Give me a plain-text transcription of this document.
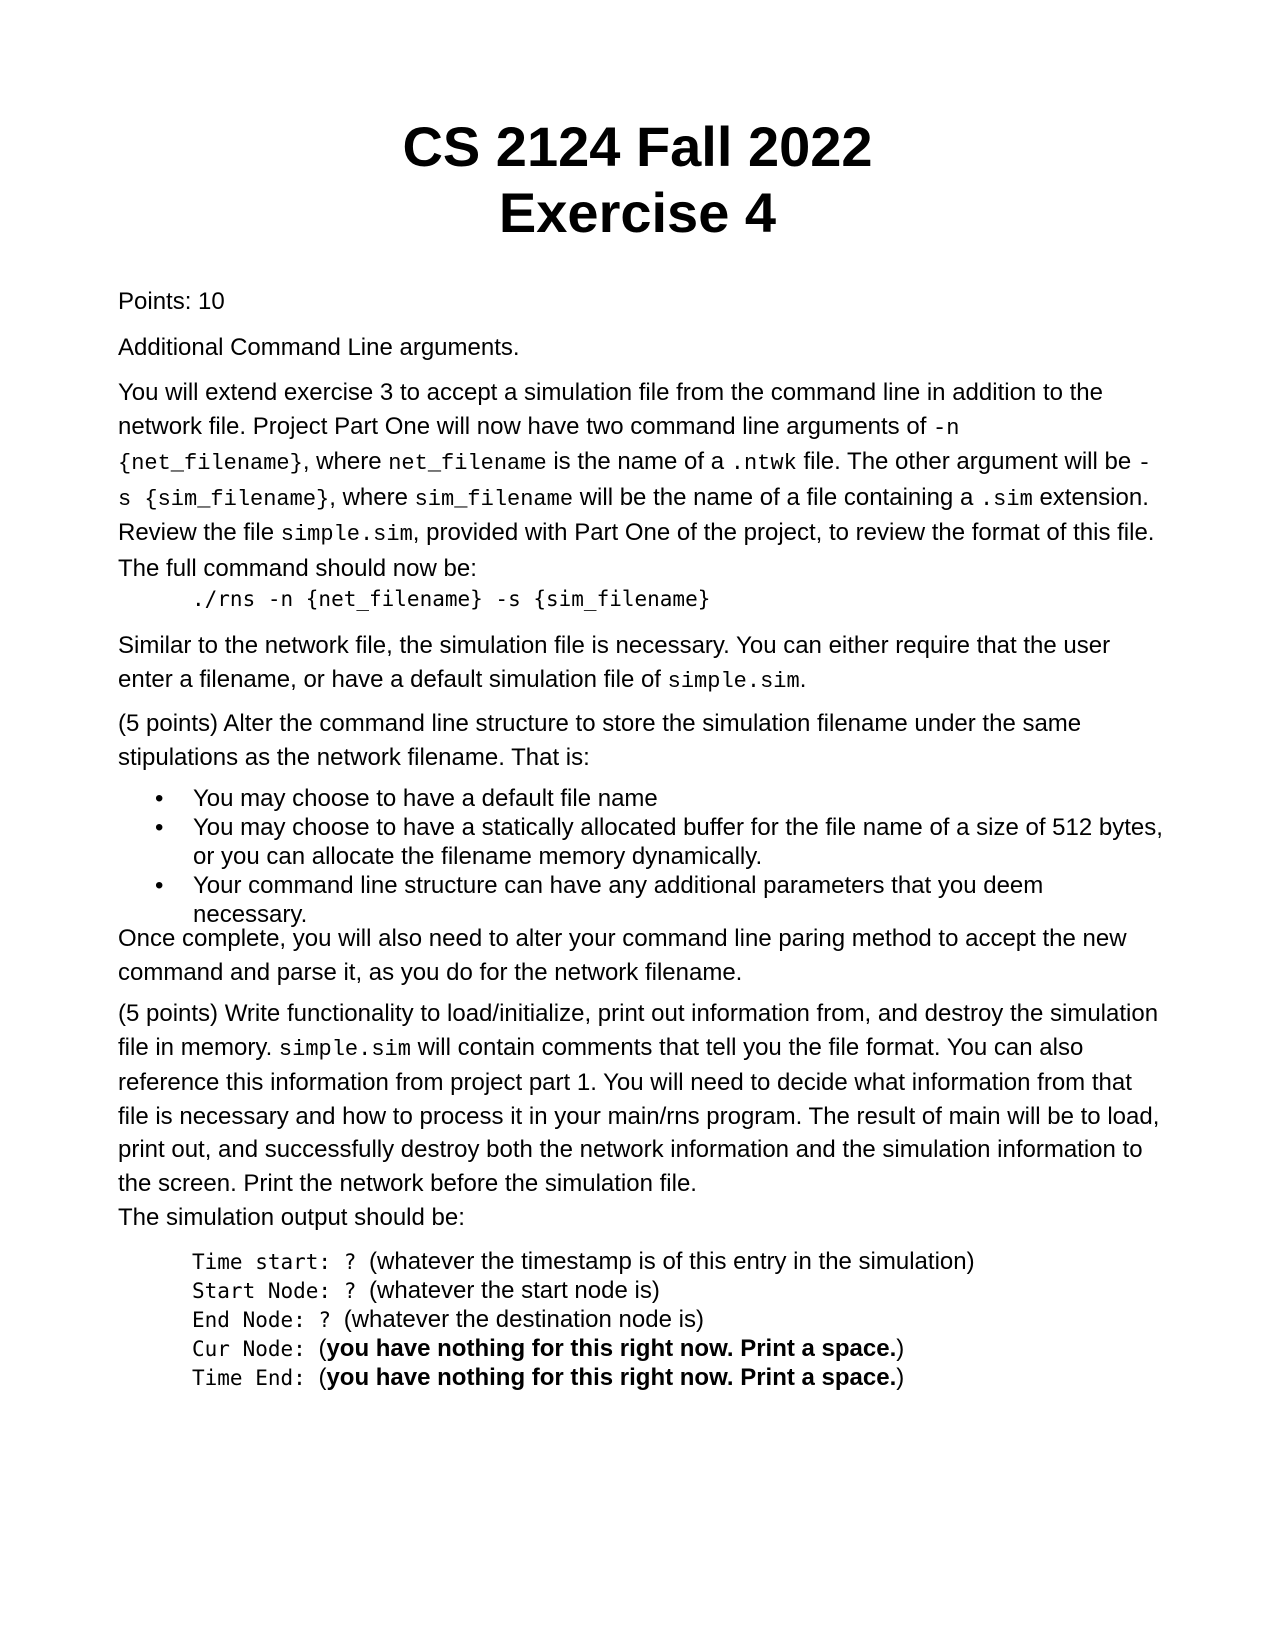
CS 2124 Fall 2022
Exercise 4

Points: 10

Additional Command Line arguments.

You will extend exercise 3 to accept a simulation file from the command line in addition to the network file. Project Part One will now have two command line arguments of -n {net_filename}, where net_filename is the name of a .ntwk file. The other argument will be -s {sim_filename}, where sim_filename will be the name of a file containing a .sim extension. Review the file simple.sim, provided with Part One of the project, to review the format of this file. The full command should now be:

./rns -n {net_filename} -s {sim_filename}

Similar to the network file, the simulation file is necessary. You can either require that the user enter a filename, or have a default simulation file of simple.sim.

(5 points) Alter the command line structure to store the simulation filename under the same stipulations as the network filename. That is:

• You may choose to have a default file name
• You may choose to have a statically allocated buffer for the file name of a size of 512 bytes, or you can allocate the filename memory dynamically.
• Your command line structure can have any additional parameters that you deem necessary.

Once complete, you will also need to alter your command line paring method to accept the new command and parse it, as you do for the network filename.

(5 points) Write functionality to load/initialize, print out information from, and destroy the simulation file in memory. simple.sim will contain comments that tell you the file format. You can also reference this information from project part 1. You will need to decide what information from that file is necessary and how to process it in your main/rns program. The result of main will be to load, print out, and successfully destroy both the network information and the simulation information to the screen. Print the network before the simulation file.

The simulation output should be:

Time start: ? (whatever the timestamp is of this entry in the simulation)

Start Node: ? (whatever the start node is)

End Node: ? (whatever the destination node is)

Cur Node: (you have nothing for this right now. Print a space.)

Time End: (you have nothing for this right now. Print a space.)
